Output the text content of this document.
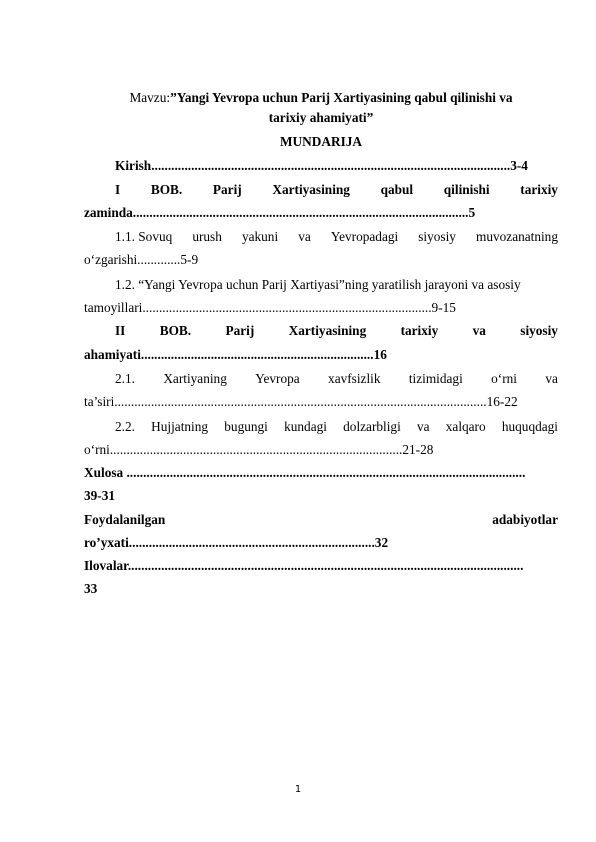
Mavzu:”Yangi Yevropa uchun Parij Xartiyasining qabul qilinishi va
tarixiy ahamiyati”
MUNDARIJA
Kirish............................................................................................................3-4
I BOB. Parij Xartiyasining qabul qilinishi tarixiy
zaminda.....................................................................................................5
1.1. Sovuq urush yakuni va Yevropadagi siyosiy muvozanatning
o‘zgarishi.............5-9
1.2. “Yangi Yevropa uchun Parij Xartiyasi”ning yaratilish jarayoni va asosiy
tamoyillari.......................................................................................9-15
II	BOB.	Parij	Xartiyasining	tarixiy	va	siyosiy
ahamiyati......................................................................16
2.1. Xartiyaning Yevropa xavfsizlik tizimidagi o‘rni va
ta’siri................................................................................................................16-22
2.2. Hujjatning bugungi kundagi dolzarbligi va xalqaro huquqdagi
o‘rni........................................................................................21-28
Xulosa ........................................................................................................................
39-31
Foydalanilgan	adabiyotlar
ro’yxati..........................................................................32
Ilovalar.......................................................................................................................
33
1
